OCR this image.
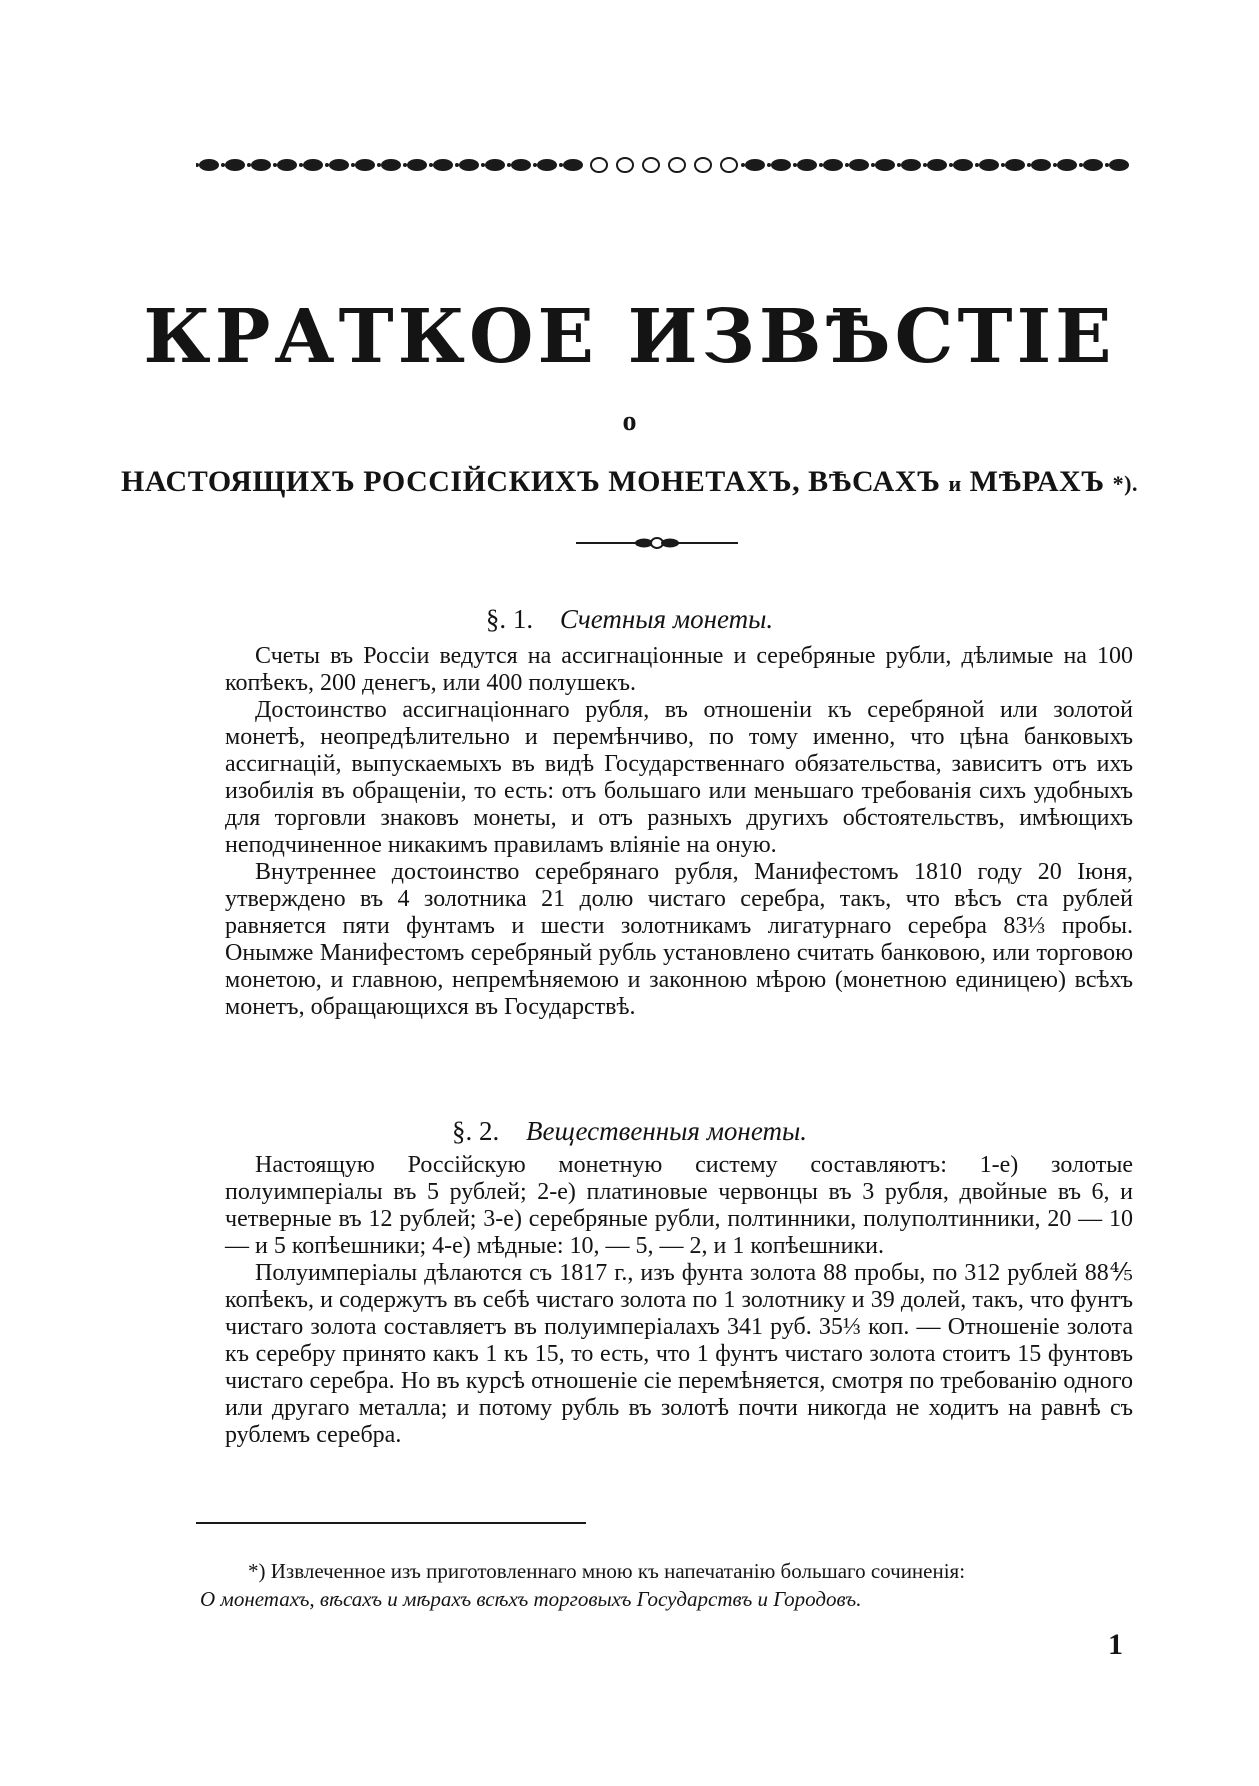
КРАТКОЕ ИЗВѢСТІЕ
о
НАСТОЯЩИХЪ РОССІЙСКИХЪ МОНЕТАХЪ, ВѢСАХЪ и МѢРАХЪ *).
§. 1. Счетныя монеты.

Счеты въ Россіи ведутся на ассигнаціонные и серебряные рубли, дѣлимые на 100 копѣекъ, 200 денегъ, или 400 полушекъ.

Достоинство ассигнаціоннаго рубля, въ отношеніи къ серебряной или золотой монетѣ, неопредѣлительно и перемѣнчиво, по тому именно, что цѣна банковыхъ ассигнацій, выпускаемыхъ въ видѣ Государственнаго обязательства, зависитъ отъ ихъ изобилія въ обращеніи, то есть: отъ большаго или меньшаго требованія сихъ удобныхъ для торговли знаковъ монеты, и отъ разныхъ другихъ обстоятельствъ, имѣющихъ неподчиненное никакимъ правиламъ вліяніе на оную.

Внутреннее достоинство серебрянаго рубля, Манифестомъ 1810 году 20 Іюня, утверждено въ 4 золотника 21 долю чистаго серебра, такъ, что вѣсъ ста рублей равняется пяти фунтамъ и шести золотникамъ лигатурнаго серебра 83⅓ пробы. Онымже Манифестомъ серебряный рубль установлено считать банковою, или торговою монетою, и главною, непремѣняемою и законною мѣрою (монетною единицею) всѣхъ монетъ, обращающихся въ Государствѣ.

§. 2. Вещественныя монеты.

Настоящую Россійскую монетную систему составляютъ: 1-е) золотые полуимперіалы въ 5 рублей; 2-е) платиновые червонцы въ 3 рубля, двойные въ 6, и четверные въ 12 рублей; 3-е) серебряные рубли, полтинники, полуполтинники, 20 — 10 — и 5 копѣешники; 4-е) мѣдные: 10, — 5, — 2, и 1 копѣешники.

Полуимперіалы дѣлаются съ 1817 г., изъ фунта золота 88 пробы, по 312 рублей 88⅘ копѣекъ, и содержутъ въ себѣ чистаго золота по 1 золотнику и 39 долей, такъ, что фунтъ чистаго золота составляетъ въ полуимперіалахъ 341 руб. 35⅓ коп. — Отношеніе золота къ серебру принято какъ 1 къ 15, то есть, что 1 фунтъ чистаго золота стоитъ 15 фунтовъ чистаго серебра. Но въ курсѣ отношеніе сіе перемѣняется, смотря по требованію одного или другаго металла; и потому рубль въ золотѣ почти никогда не ходитъ на равнѣ съ рублемъ серебра.

*) Извлеченное изъ приготовленнаго мною къ напечатанію большаго сочиненія:
О монетахъ, вѣсахъ и мѣрахъ всѣхъ торговыхъ Государствъ и Городовъ.
1
